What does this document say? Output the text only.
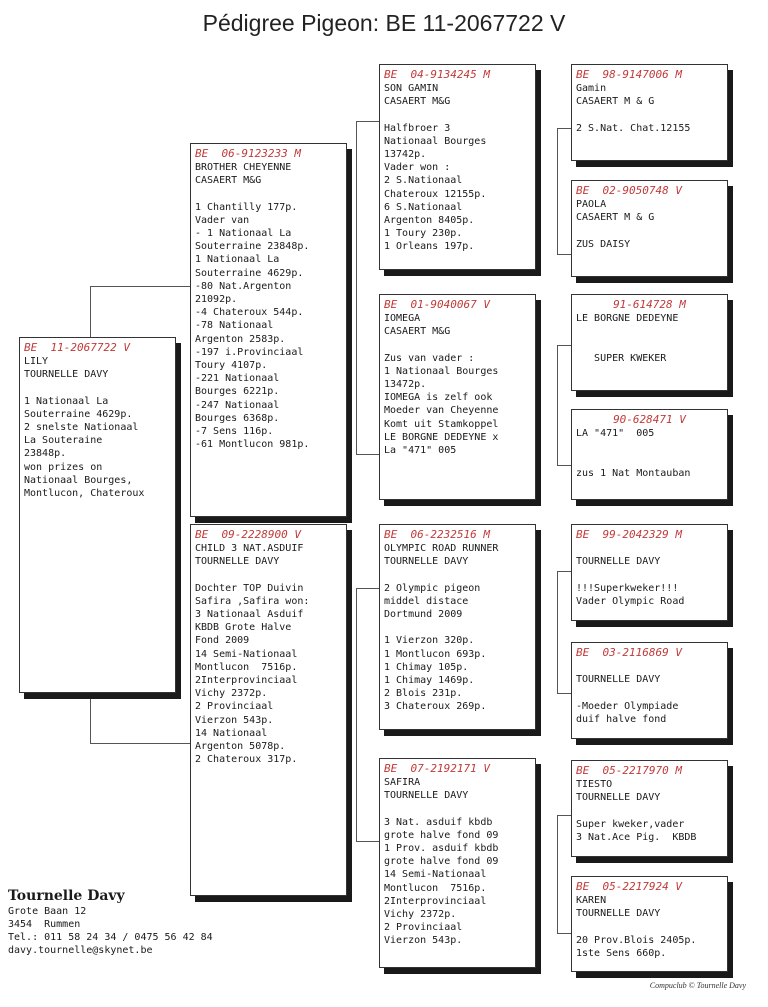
Pédigree Pigeon: BE 11-2067722 V
BE  11-2067722 V
LILY
TOURNELLE DAVY

1 Nationaal La
Souterraine 4629p.
2 snelste Nationaal
La Souteraine
23848p.
won prizes on
Nationaal Bourges,
Montlucon, Chateroux
BE  06-9123233 M
BROTHER CHEYENNE
CASAERT M&G

1 Chantilly 177p.
Vader van
- 1 Nationaal La
Souterraine 23848p.
1 Nationaal La
Souterraine 4629p.
-80 Nat.Argenton
21092p.
-4 Chateroux 544p.
-78 Nationaal
Argenton 2583p.
-197 i.Provinciaal
Toury 4107p.
-221 Nationaal
Bourges 6221p.
-247 Nationaal
Bourges 6368p.
-7 Sens 116p.
-61 Montlucon 981p.
BE  09-2228900 V
CHILD 3 NAT.ASDUIF
TOURNELLE DAVY

Dochter TOP Duivin
Safira ,Safira won:
3 Nationaal Asduif
KBDB Grote Halve
Fond 2009
14 Semi-Nationaal
Montlucon  7516p.
2Interprovinciaal
Vichy 2372p.
2 Provinciaal
Vierzon 543p.
14 Nationaal
Argenton 5078p.
2 Chateroux 317p.
BE  04-9134245 M
SON GAMIN
CASAERT M&G

Halfbroer 3
Nationaal Bourges
13742p.
Vader won :
2 S.Nationaal
Chateroux 12155p.
6 S.Nationaal
Argenton 8405p.
1 Toury 230p.
1 Orleans 197p.
BE  01-9040067 V
IOMEGA
CASAERT M&G

Zus van vader :
1 Nationaal Bourges
13472p.
IOMEGA is zelf ook
Moeder van Cheyenne
Komt uit Stamkoppel
LE BORGNE DEDEYNE x
La "471" 005
BE  06-2232516 M
OLYMPIC ROAD RUNNER
TOURNELLE DAVY

2 Olympic pigeon
middel distace
Dortmund 2009

1 Vierzon 320p.
1 Montlucon 693p.
1 Chimay 105p.
1 Chimay 1469p.
2 Blois 231p.
3 Chateroux 269p.
BE  07-2192171 V
SAFIRA
TOURNELLE DAVY

3 Nat. asduif kbdb
grote halve fond 09
1 Prov. asduif kbdb
grote halve fond 09
14 Semi-Nationaal
Montlucon  7516p.
2Interprovinciaal
Vichy 2372p.
2 Provinciaal
Vierzon 543p.
BE  98-9147006 M
Gamin
CASAERT M & G

2 S.Nat. Chat.12155
BE  02-9050748 V
PAOLA
CASAERT M & G

ZUS DAISY
91-614728 M
LE BORGNE DEDEYNE

SUPER KWEKER
90-628471 V
LA "471"  005

zus 1 Nat Montauban
BE  99-2042329 M

TOURNELLE DAVY

!!!Superkweker!!!
Vader Olympic Road
BE  03-2116869 V

TOURNELLE DAVY

-Moeder Olympiade
duif halve fond
BE  05-2217970 M
TIESTO
TOURNELLE DAVY

Super kweker,vader
3 Nat.Ace Pig.  KBDB
BE  05-2217924 V
KAREN
TOURNELLE DAVY

20 Prov.Blois 2405p.
1ste Sens 660p.
Tournelle Davy
Grote Baan 12
3454  Rummen
Tel.: 011 58 24 34 / 0475 56 42 84
davy.tournelle@skynet.be
Compuclub © Tournelle Davy
